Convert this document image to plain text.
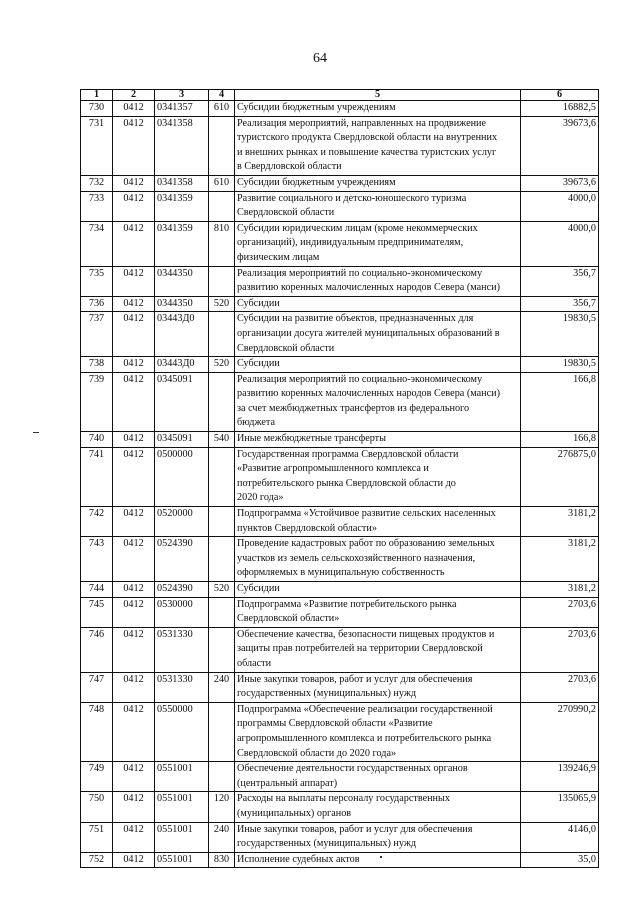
64
1	2	3	4	5	6
730	0412	0341357	610	Субсидии бюджетным учреждениям	16882,5
731	0412	0341358		Реализация мероприятий, направленных на продвижение
туристского продукта Свердловской области на внутренних
и внешних рынках и повышение качества туристских услуг
в Свердловской области	39673,6
732	0412	0341358	610	Субсидии бюджетным учреждениям	39673,6
733	0412	0341359		Развитие социального и детско-юношеского туризма
Свердловской области	4000,0
734	0412	0341359	810	Субсидии юридическим лицам (кроме некоммерческих
организаций), индивидуальным предпринимателям,
физическим лицам	4000,0
735	0412	0344350		Реализация мероприятий по социально-экономическому
развитию коренных малочисленных народов Севера (манси)	356,7
736	0412	0344350	520	Субсидии	356,7
737	0412	03443Д0		Субсидии на развитие объектов, предназначенных для
организации досуга жителей муниципальных образований в
Свердловской области	19830,5
738	0412	03443Д0	520	Субсидии	19830,5
739	0412	0345091		Реализация мероприятий по социально-экономическому
развитию коренных малочисленных народов Севера (манси)
за счет межбюджетных трансфертов из федерального
бюджета	166,8
740	0412	0345091	540	Иные межбюджетные трансферты	166,8
741	0412	0500000		Государственная программа Свердловской области
«Развитие агропромышленного комплекса и
потребительского рынка Свердловской области до
2020 года»	276875,0
742	0412	0520000		Подпрограмма «Устойчивое развитие сельских населенных
пунктов Свердловской области»	3181,2
743	0412	0524390		Проведение кадастровых работ по образованию земельных
участков из земель сельскохозяйственного назначения,
оформляемых в муниципальную собственность	3181,2
744	0412	0524390	520	Субсидии	3181,2
745	0412	0530000		Подпрограмма «Развитие потребительского рынка
Свердловской области»	2703,6
746	0412	0531330		Обеспечение качества, безопасности пищевых продуктов и
защиты прав потребителей на территории Свердловской
области	2703,6
747	0412	0531330	240	Иные закупки товаров, работ и услуг для обеспечения
государственных (муниципальных) нужд	2703,6
748	0412	0550000		Подпрограмма «Обеспечение реализации государственной
программы Свердловской области «Развитие
агропромышленного комплекса и потребительского рынка
Свердловской области до 2020 года»	270990,2
749	0412	0551001		Обеспечение деятельности государственных органов
(центральный аппарат)	139246,9
750	0412	0551001	120	Расходы на выплаты персоналу государственных
(муниципальных) органов	135065,9
751	0412	0551001	240	Иные закупки товаров, работ и услуг для обеспечения
государственных (муниципальных) нужд	4146,0
752	0412	0551001	830	Исполнение судебных актов	35,0
